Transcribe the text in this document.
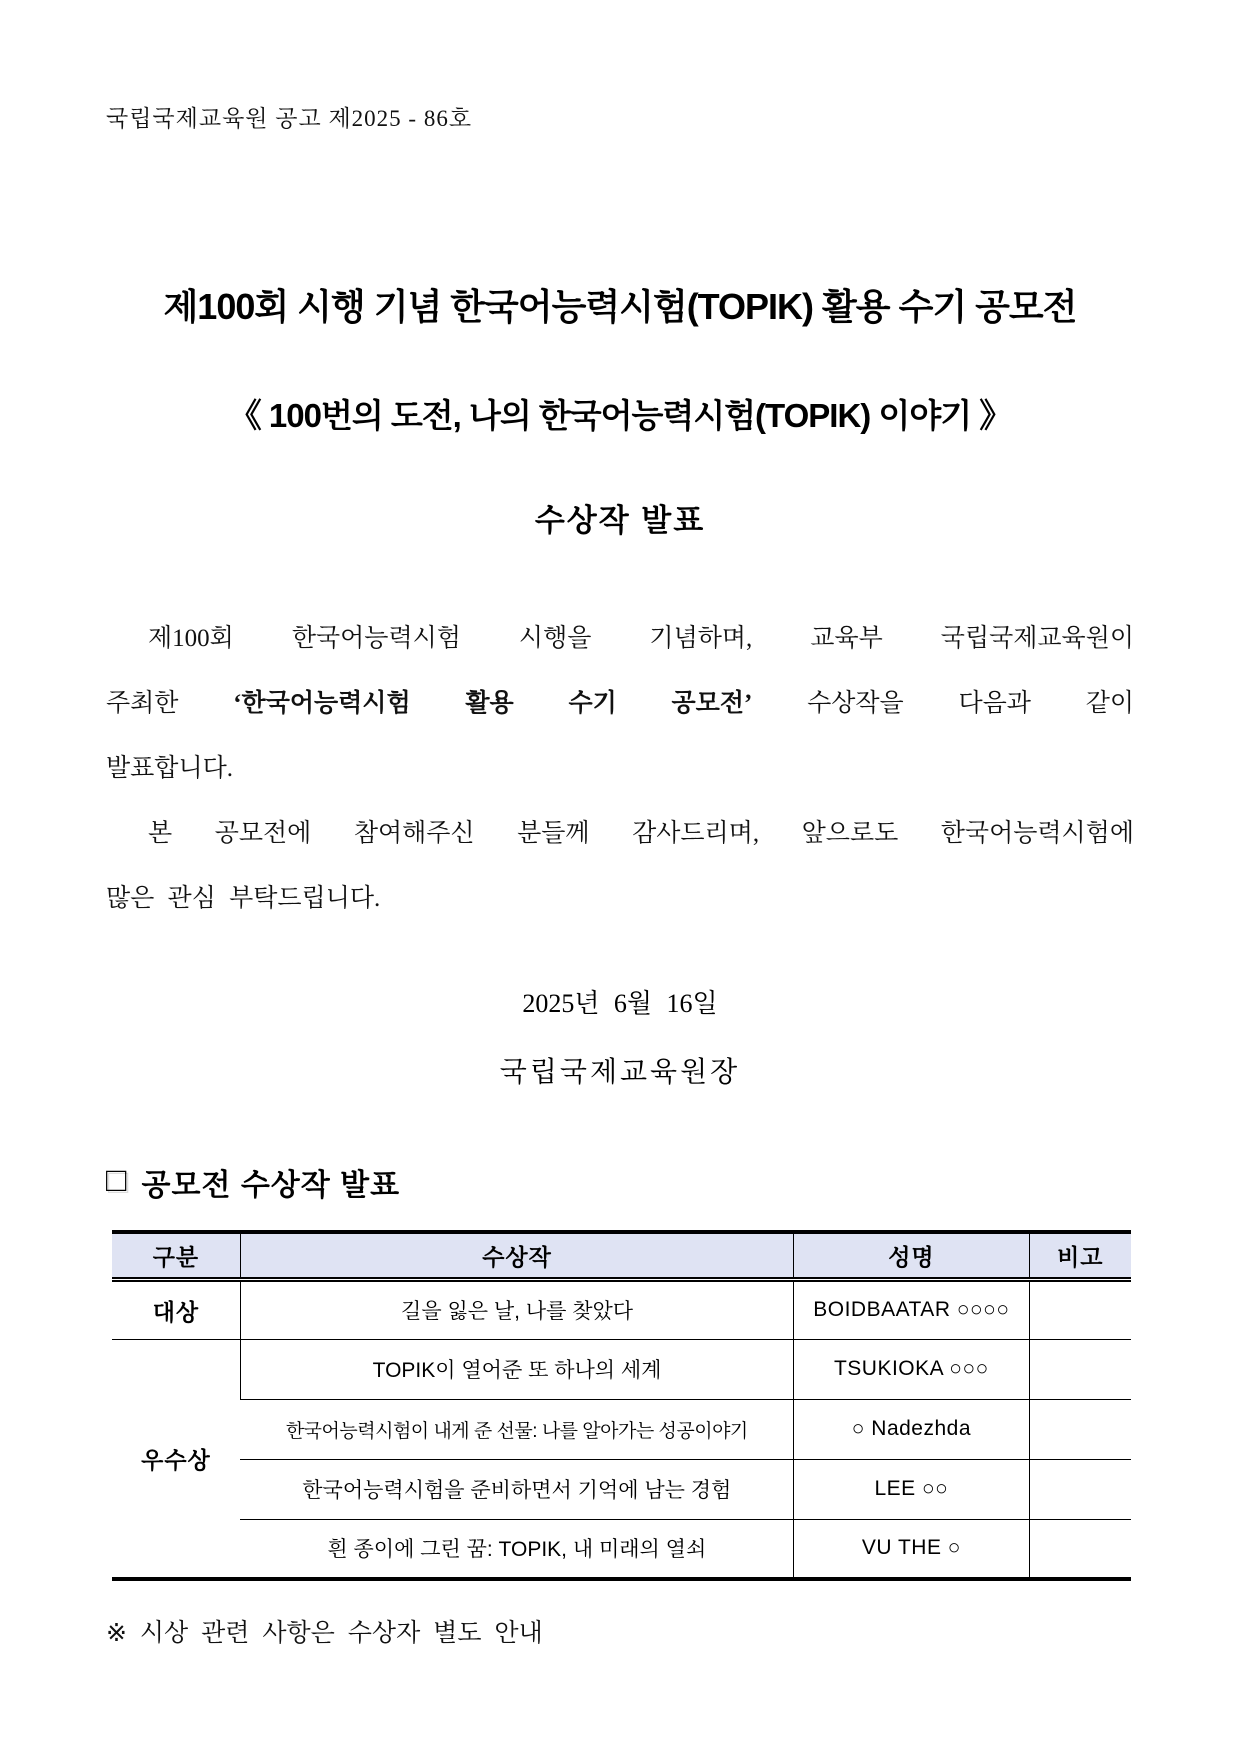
국립국제교육원 공고 제2025 - 86호
제100회 시행 기념 한국어능력시험(TOPIK) 활용 수기 공모전
《 100번의 도전, 나의 한국어능력시험(TOPIK) 이야기 》
수상작 발표
제100회 한국어능력시험 시행을 기념하며, 교육부 국립국제교육원이
주최한 ‘한국어능력시험 활용 수기 공모전’ 수상작을 다음과 같이
발표합니다.
본 공모전에 참여해주신 분들께 감사드리며, 앞으로도 한국어능력시험에
많은 관심 부탁드립니다.
2025년 6월 16일
국립국제교육원장
□ 공모전 수상작 발표
구분	수상작	성명	비고
대상	길을 잃은 날, 나를 찾았다	BOIDBAATAR ○○○○	
우수상	TOPIK이 열어준 또 하나의 세계	TSUKIOKA ○○○	
	한국어능력시험이 내게 준 선물: 나를 알아가는 성공이야기	○ Nadezhda	
	한국어능력시험을 준비하면서 기억에 남는 경험	LEE ○○	
	흰 종이에 그린 꿈: TOPIK, 내 미래의 열쇠	VU THE ○	
※ 시상 관련 사항은 수상자 별도 안내
